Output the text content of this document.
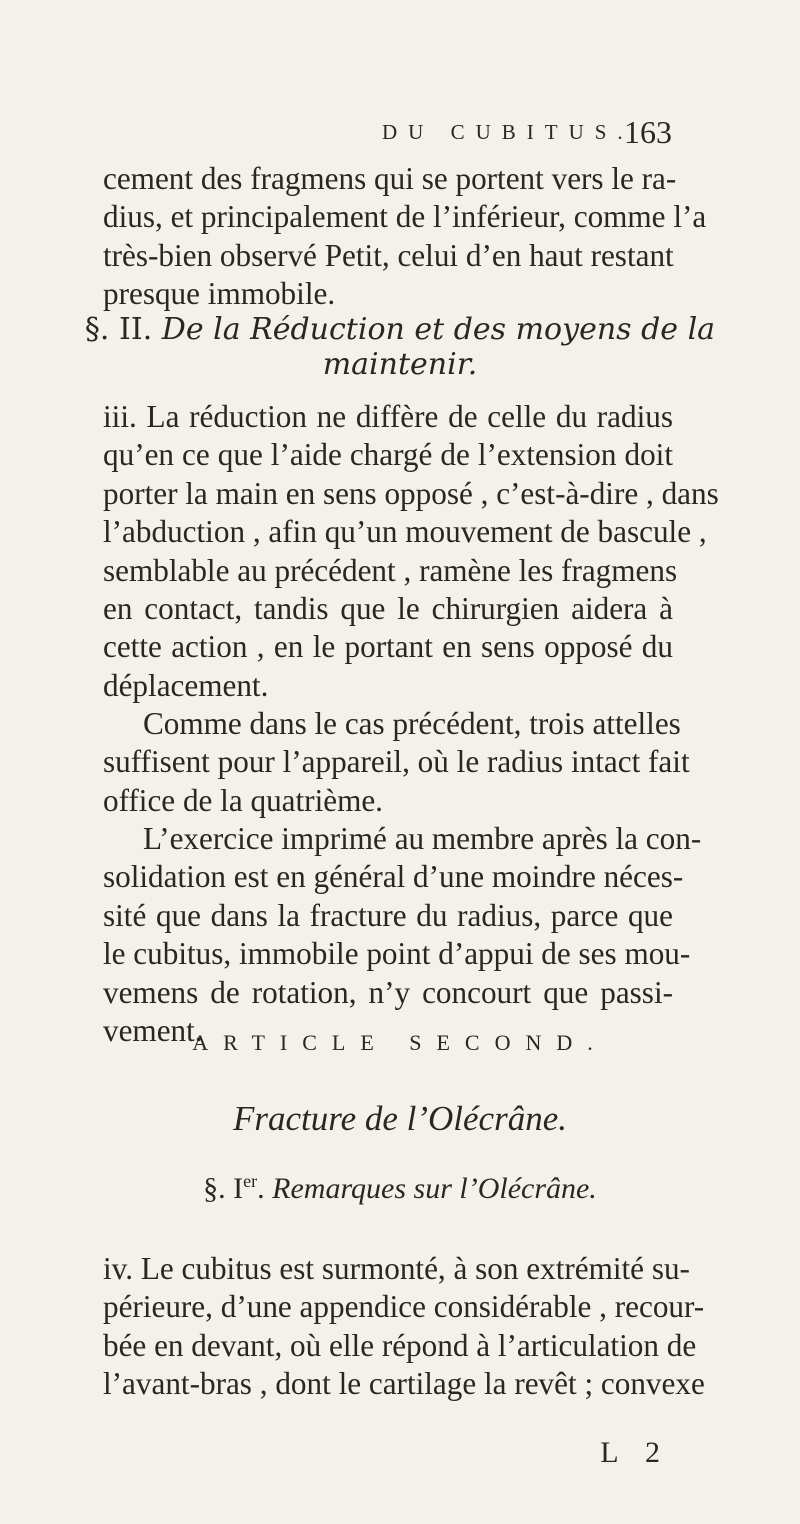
DU CUBITUS.
163
cement des fragmens qui se portent vers le ra-
dius, et principalement de l’inférieur, comme l’a
très-bien observé Petit, celui d’en haut restant
presque immobile.
§. II. De la Réduction et des moyens de la
maintenir.
iii. La réduction ne diffère de celle du radius
qu’en ce que l’aide chargé de l’extension doit
porter la main en sens opposé , c’est-à-dire , dans
l’abduction , afin qu’un mouvement de bascule ,
semblable au précédent , ramène les fragmens
en contact, tandis que le chirurgien aidera à
cette action , en le portant en sens opposé du
déplacement.
Comme dans le cas précédent, trois attelles
suffisent pour l’appareil, où le radius intact fait
office de la quatrième.
L’exercice imprimé au membre après la con-
solidation est en général d’une moindre néces-
sité que dans la fracture du radius, parce que
le cubitus, immobile point d’appui de ses mou-
vemens de rotation, n’y concourt que passi-
vement.
ARTICLE SECOND.
Fracture de l’Olécrâne.
§. Ier. Remarques sur l’Olécrâne.
iv. Le cubitus est surmonté, à son extrémité su-
périeure, d’une appendice considérable , recour-
bée en devant, où elle répond à l’articulation de
l’avant-bras , dont le cartilage la revêt ; convexe
L 2
